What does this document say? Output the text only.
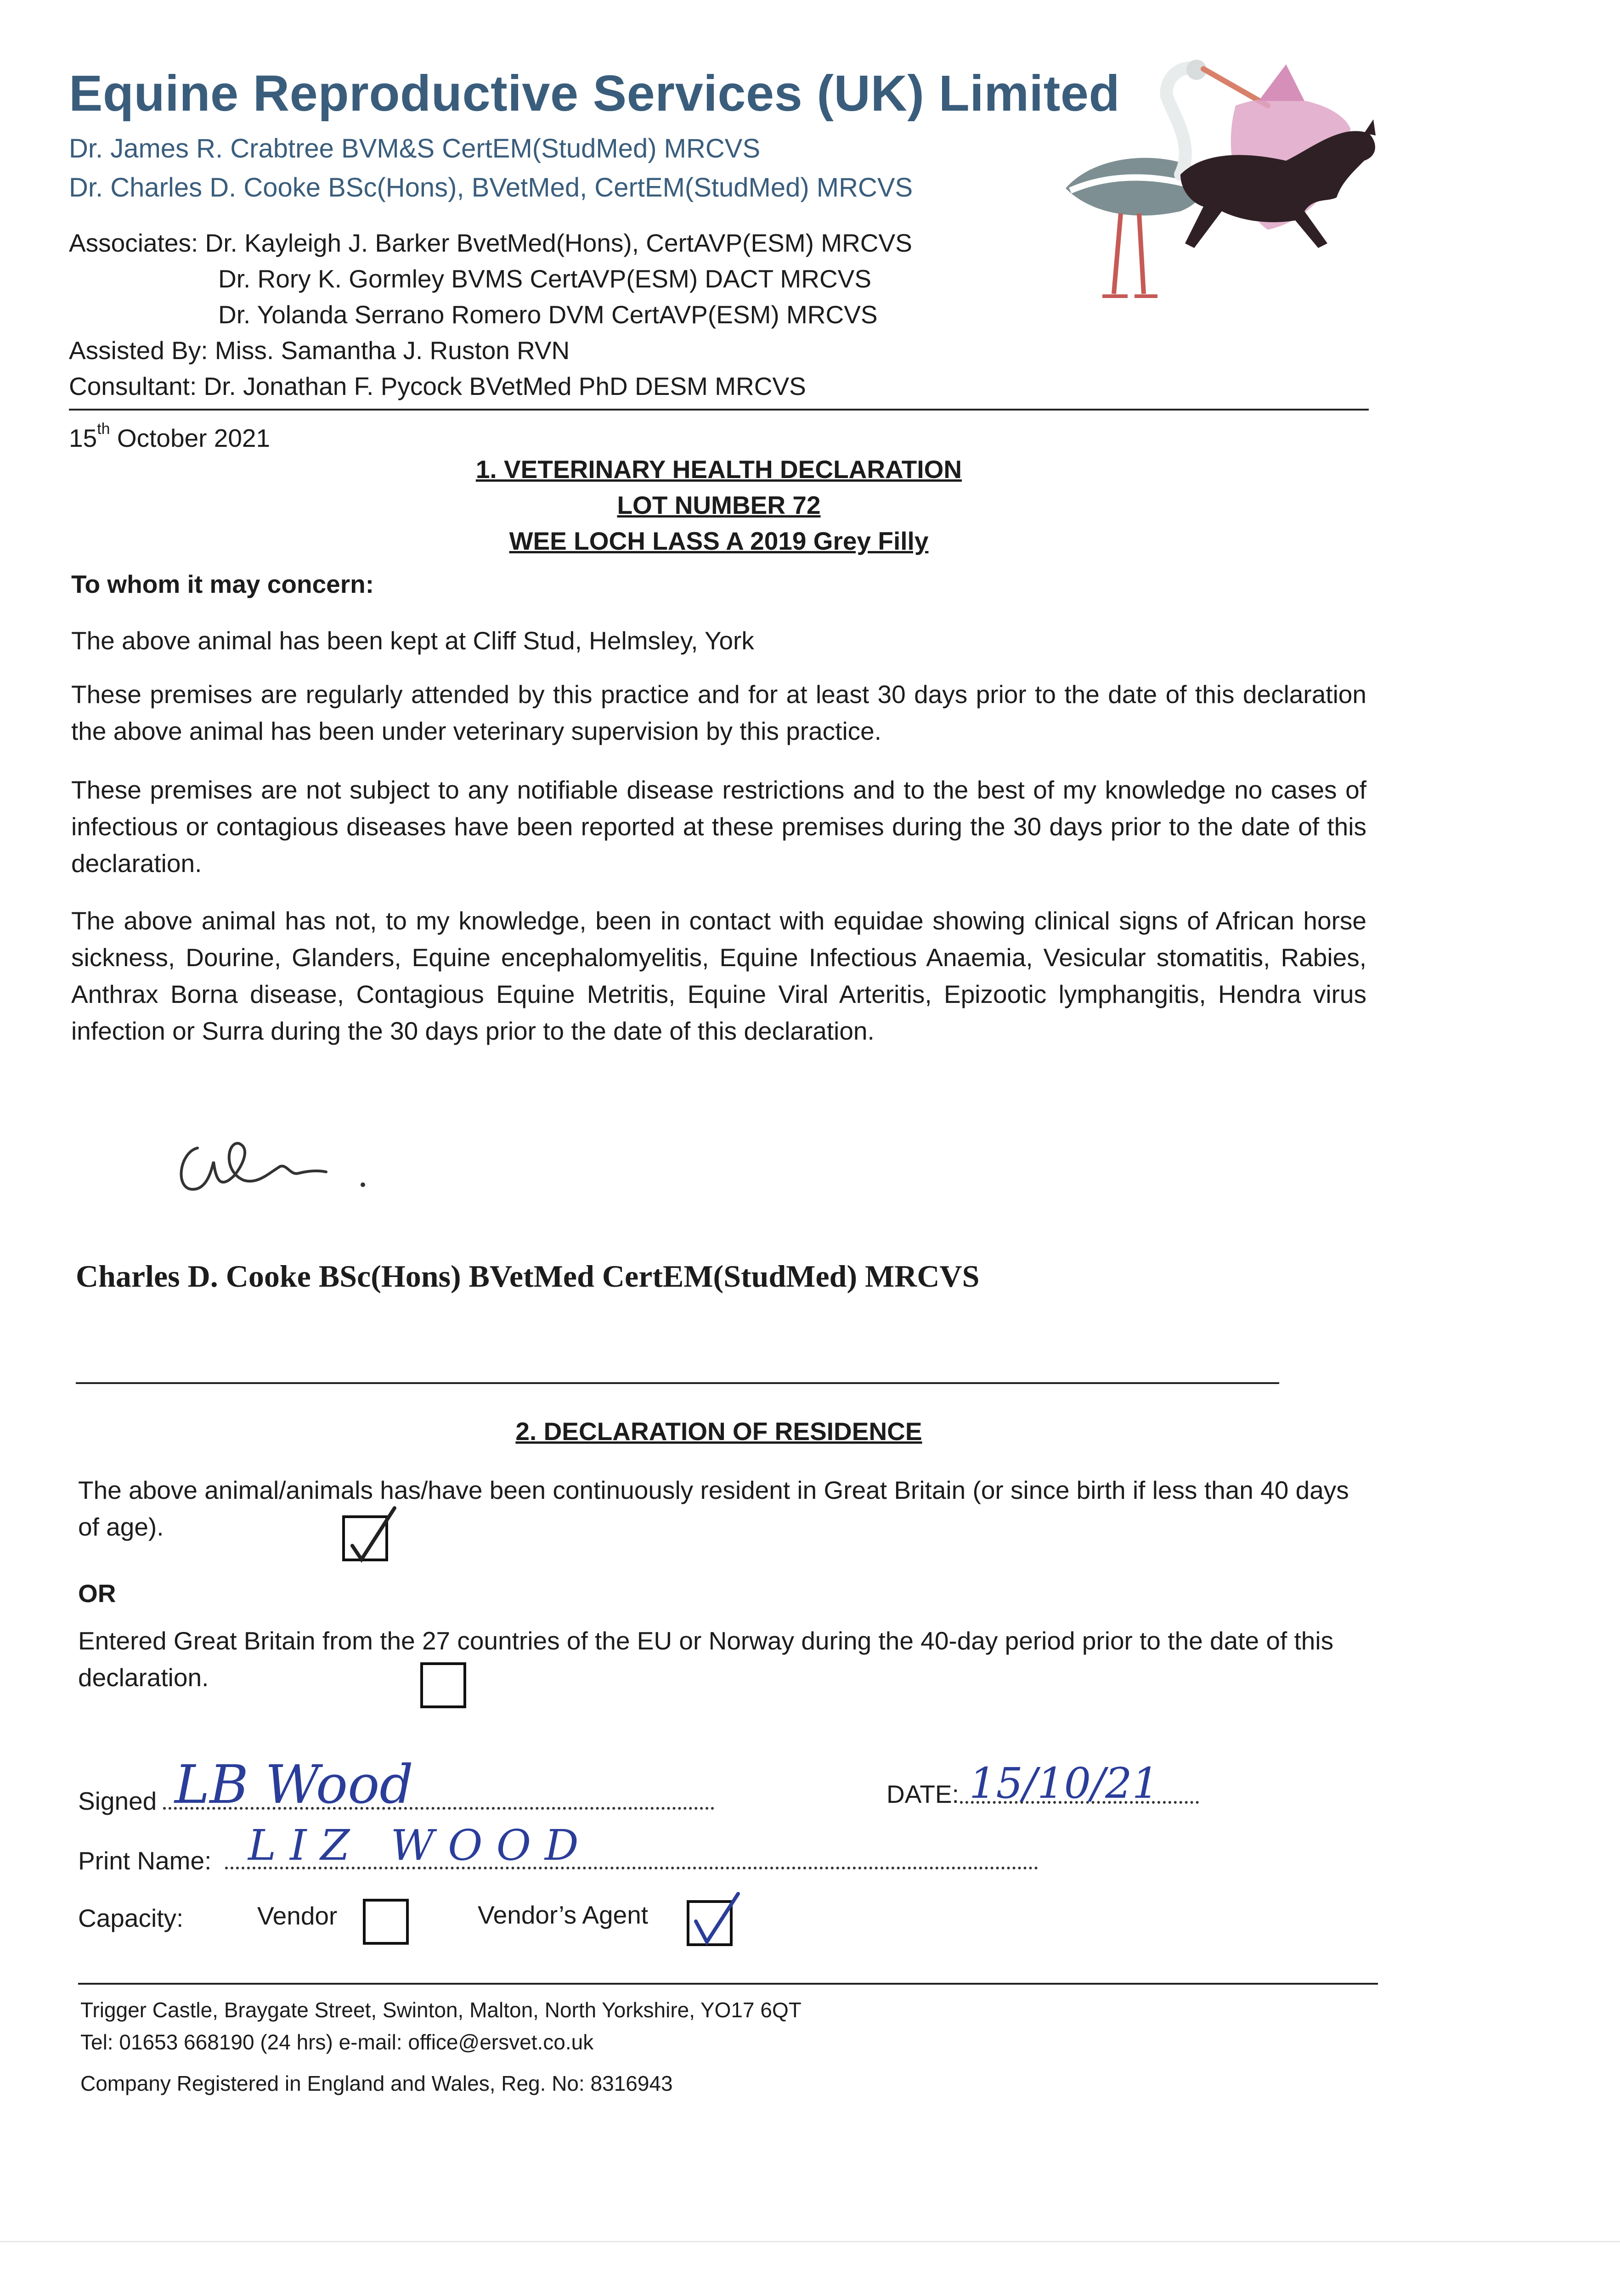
Equine Reproductive Services (UK) Limited
Dr. James R. Crabtree BVM&S CertEM(StudMed) MRCVS
Dr. Charles D. Cooke BSc(Hons), BVetMed, CertEM(StudMed) MRCVS
Associates:
Dr. Kayleigh J. Barker BvetMed(Hons), CertAVP(ESM) MRCVS
Dr. Rory K. Gormley BVMS CertAVP(ESM) DACT MRCVS
Dr. Yolanda Serrano Romero DVM CertAVP(ESM) MRCVS
Assisted By:
Miss. Samantha J. Ruston RVN
Consultant:
Dr. Jonathan F. Pycock BVetMed PhD DESM MRCVS
15th October 2021
1. VETERINARY HEALTH DECLARATION
LOT NUMBER 72
WEE LOCH LASS A 2019 Grey Filly
To whom it may concern:
The above animal has been kept at Cliff Stud, Helmsley, York
These premises are regularly attended by this practice and for at least 30 days prior to the date of this declaration the above animal has been under veterinary supervision by this practice.
These premises are not subject to any notifiable disease restrictions and to the best of my knowledge no cases of infectious or contagious diseases have been reported at these premises during the 30 days prior to the date of this declaration.
The above animal has not, to my knowledge, been in contact with equidae showing clinical signs of African horse sickness, Dourine, Glanders, Equine encephalomyelitis, Equine Infectious Anaemia, Vesicular stomatitis, Rabies, Anthrax Borna disease, Contagious Equine Metritis, Equine Viral Arteritis, Epizootic lymphangitis, Hendra virus infection or Surra during the 30 days prior to the date of this declaration.
Charles D. Cooke BSc(Hons) BVetMed CertEM(StudMed) MRCVS
2. DECLARATION OF RESIDENCE
The above animal/animals has/have been continuously resident in Great Britain (or since birth if less than 40 days of age).
OR
Entered Great Britain from the 27 countries of the EU or Norway during the 40-day period prior to the date of this declaration.
Signed LB Wood	DATE: 15/10/21
Print Name: LIZ WOOD
Capacity:	Vendor	Vendor’s Agent
Trigger Castle, Braygate Street, Swinton, Malton, North Yorkshire, YO17 6QT
Tel: 01653 668190 (24 hrs) e-mail: office@ersvet.co.uk
Company Registered in England and Wales, Reg. No: 8316943
